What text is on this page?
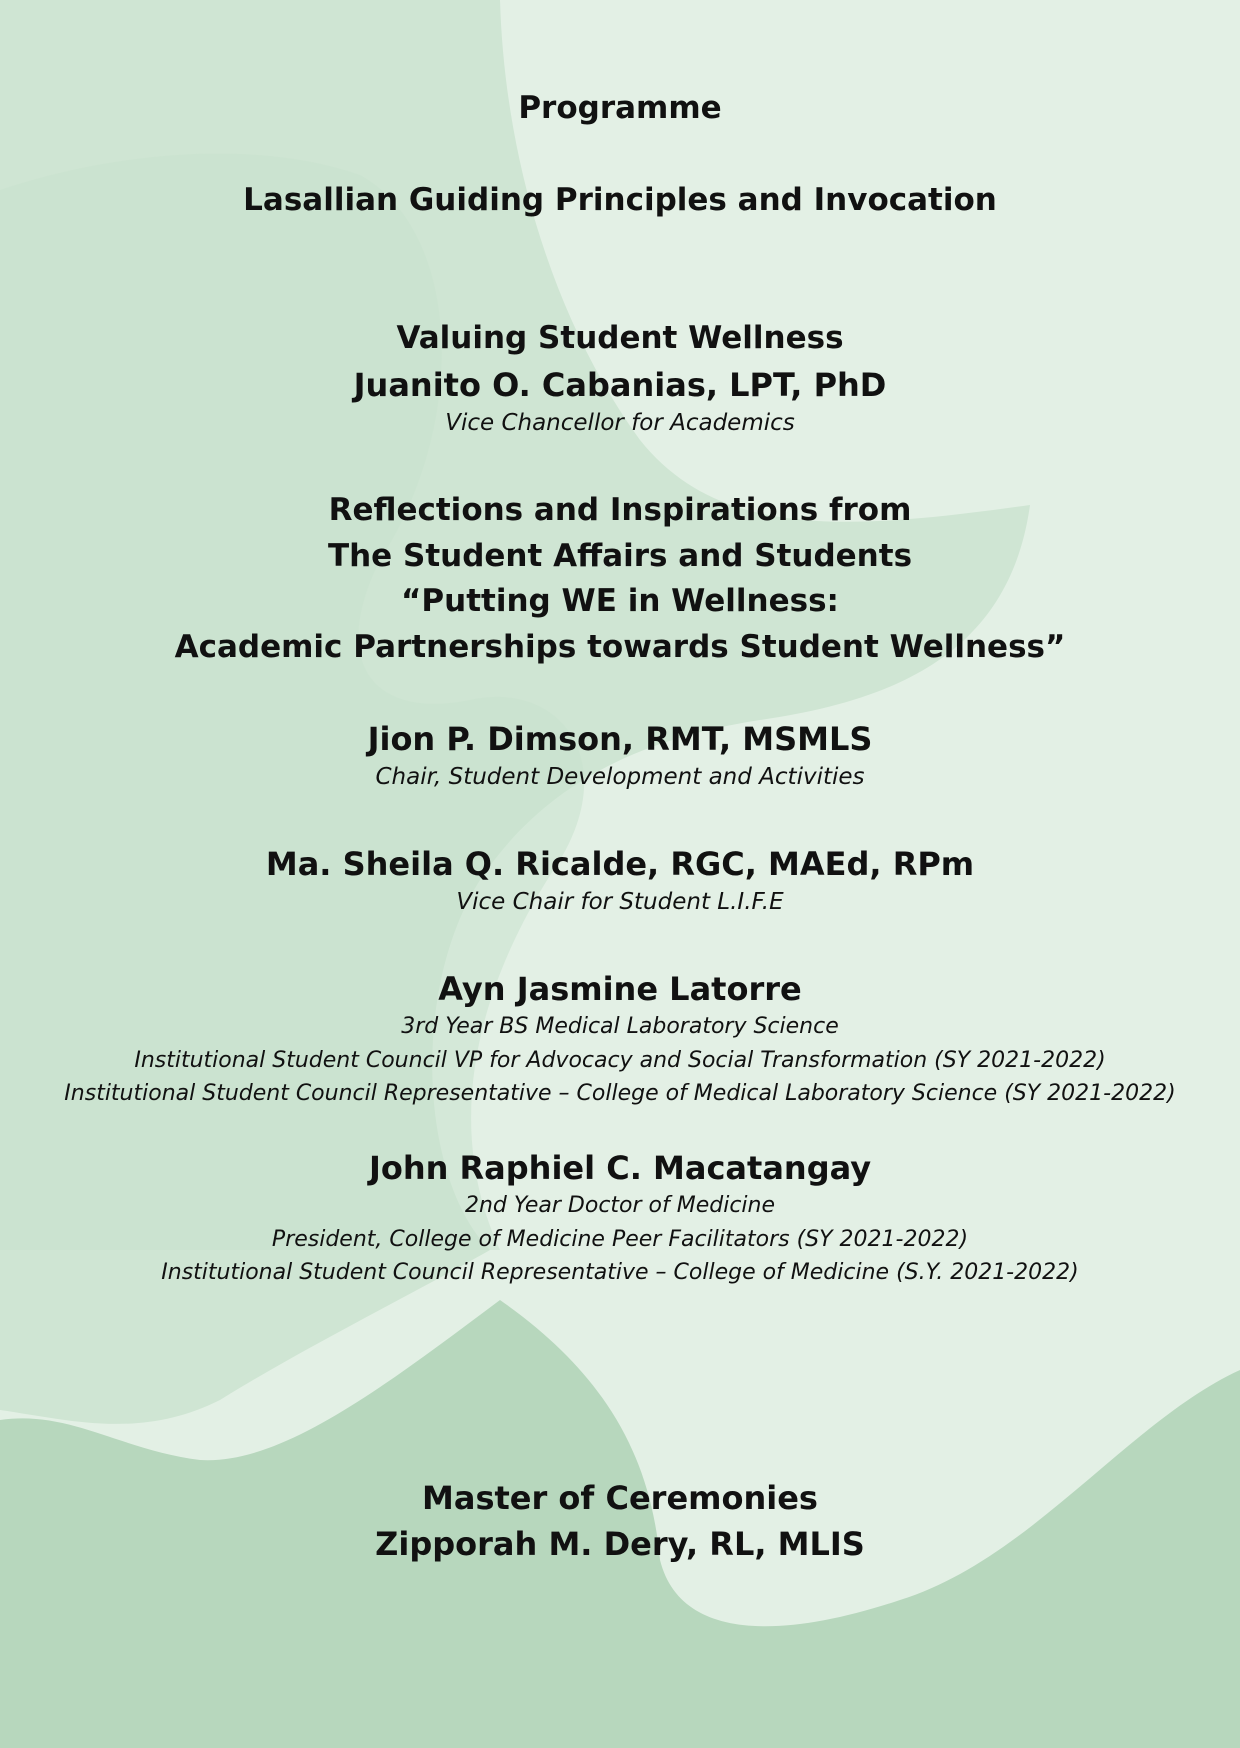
Programme

Lasallian Guiding Principles and Invocation

Valuing Student Wellness

Juanito O. Cabanias, LPT, PhD

Vice Chancellor for Academics

Reflections and Inspirations from

The Student Affairs and Students

“Putting WE in Wellness:

Academic Partnerships towards Student Wellness”

Jion P. Dimson, RMT, MSMLS

Chair, Student Development and Activities

Ma. Sheila Q. Ricalde, RGC, MAEd, RPm

Vice Chair for Student L.I.F.E

Ayn Jasmine Latorre

3rd Year BS Medical Laboratory Science

Institutional Student Council VP for Advocacy and Social Transformation (SY 2021-2022)

Institutional Student Council Representative – College of Medical Laboratory Science (SY 2021-2022)

John Raphiel C. Macatangay

2nd Year Doctor of Medicine

President, College of Medicine Peer Facilitators (SY 2021-2022)

Institutional Student Council Representative – College of Medicine (S.Y. 2021-2022)

Master of Ceremonies

Zipporah M. Dery, RL, MLIS
